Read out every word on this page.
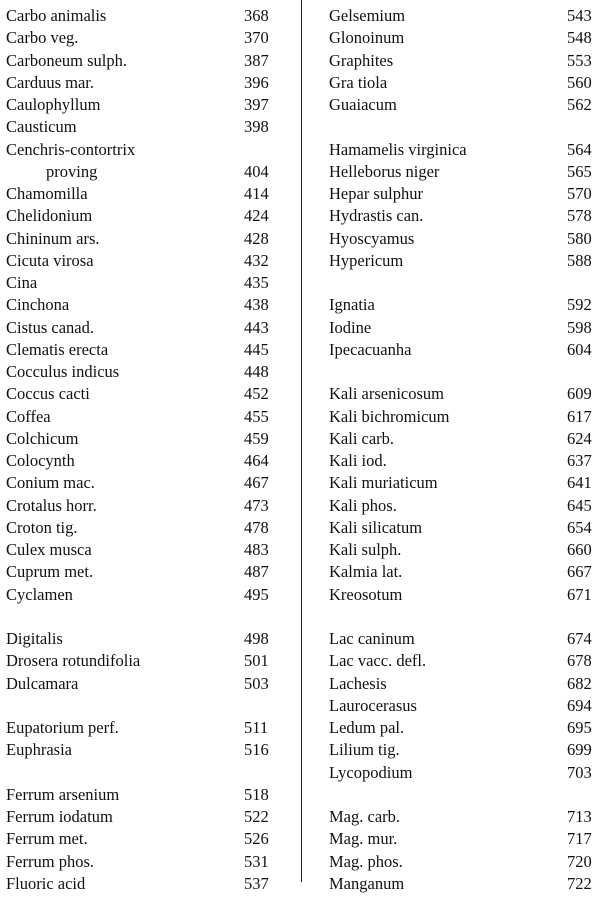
Carbo animalis	368
Carbo veg.	370
Carboneum sulph.	387
Carduus mar.	396
Caulophyllum	397
Causticum	398
Cenchris-contortrix
proving	404
Chamomilla	414
Chelidonium	424
Chininum ars.	428
Cicuta virosa	432
Cina	435
Cinchona	438
Cistus canad.	443
Clematis erecta	445
Cocculus indicus	448
Coccus cacti	452
Coffea	455
Colchicum	459
Colocynth	464
Conium mac.	467
Crotalus horr.	473
Croton tig.	478
Culex musca	483
Cuprum met.	487
Cyclamen	495
Digitalis	498
Drosera rotundifolia	501
Dulcamara	503
Eupatorium perf.	511
Euphrasia	516
Ferrum arsenium	518
Ferrum iodatum	522
Ferrum met.	526
Ferrum phos.	531
Fluoric acid	537
Gelsemium	543
Glonoinum	548
Graphites	553
Gra tiola	560
Guaiacum	562
Hamamelis virginica	564
Helleborus niger	565
Hepar sulphur	570
Hydrastis can.	578
Hyoscyamus	580
Hypericum	588
Ignatia	592
Iodine	598
Ipecacuanha	604
Kali arsenicosum	609
Kali bichromicum	617
Kali carb.	624
Kali iod.	637
Kali muriaticum	641
Kali phos.	645
Kali silicatum	654
Kali sulph.	660
Kalmia lat.	667
Kreosotum	671
Lac caninum	674
Lac vacc. defl.	678
Lachesis	682
Laurocerasus	694
Ledum pal.	695
Lilium tig.	699
Lycopodium	703
Mag. carb.	713
Mag. mur.	717
Mag. phos.	720
Manganum	722
